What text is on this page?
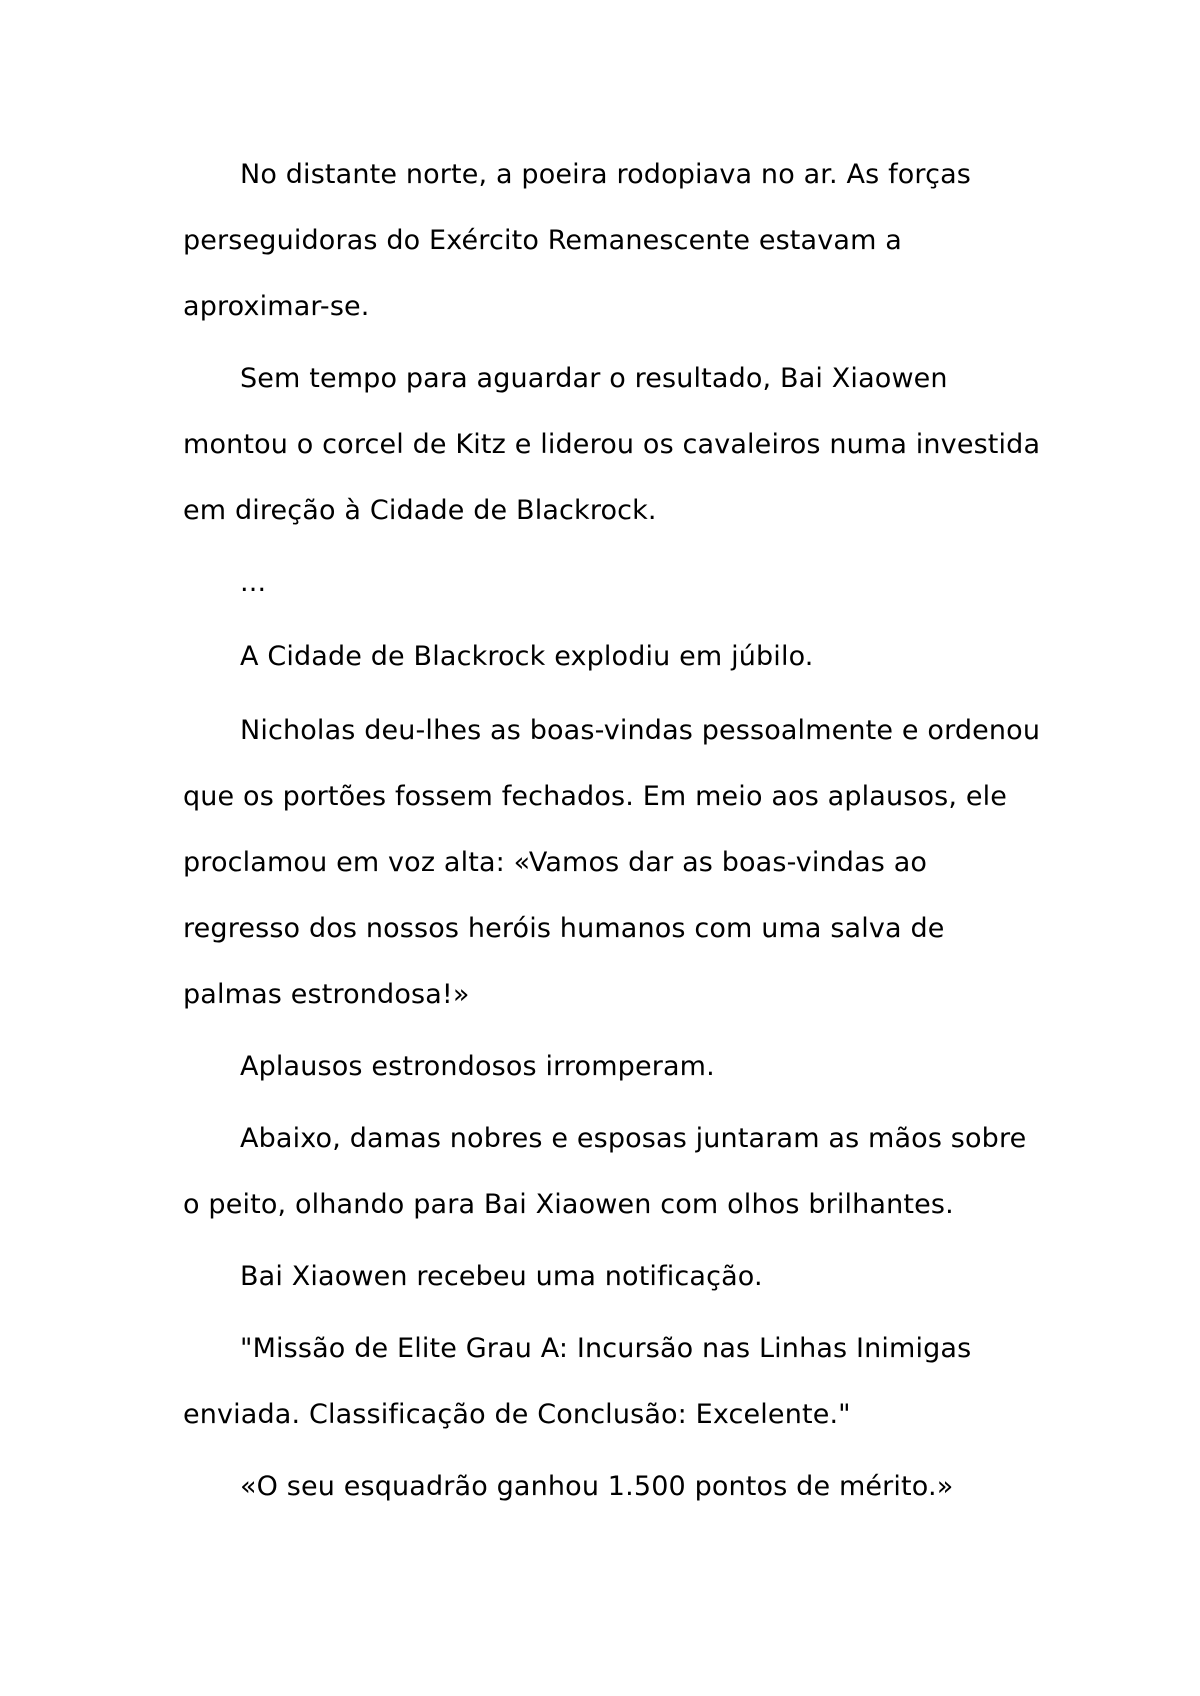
No distante norte, a poeira rodopiava no ar. As forças perseguidoras do Exército Remanescente estavam a aproximar-se.

Sem tempo para aguardar o resultado, Bai Xiaowen montou o corcel de Kitz e liderou os cavaleiros numa investida em direção à Cidade de Blackrock.

...

A Cidade de Blackrock explodiu em júbilo.

Nicholas deu-lhes as boas-vindas pessoalmente e ordenou que os portões fossem fechados. Em meio aos aplausos, ele proclamou em voz alta: «Vamos dar as boas-vindas ao regresso dos nossos heróis humanos com uma salva de palmas estrondosa!»

Aplausos estrondosos irromperam.

Abaixo, damas nobres e esposas juntaram as mãos sobre o peito, olhando para Bai Xiaowen com olhos brilhantes.

Bai Xiaowen recebeu uma notificação.

"Missão de Elite Grau A: Incursão nas Linhas Inimigas enviada. Classificação de Conclusão: Excelente."

«O seu esquadrão ganhou 1.500 pontos de mérito.»
